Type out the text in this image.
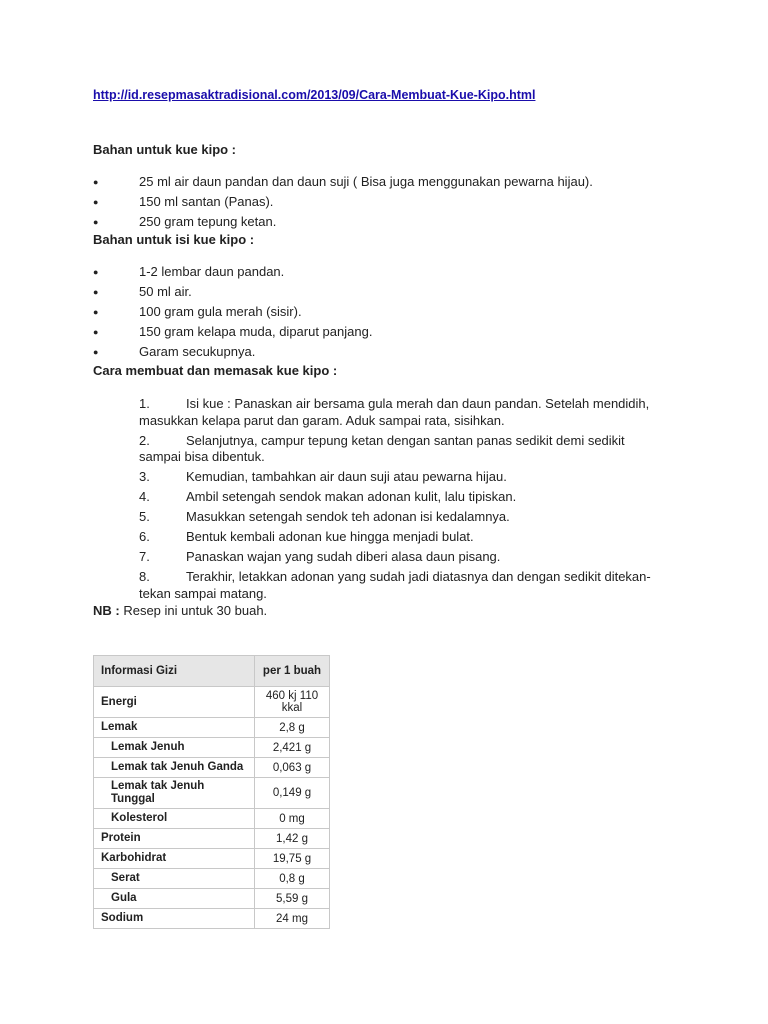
http://id.resepmasaktradisional.com/2013/09/Cara-Membuat-Kue-Kipo.html
Bahan untuk kue kipo :
●	25 ml air daun pandan dan daun suji ( Bisa juga menggunakan pewarna hijau).
●	150 ml santan (Panas).
●	250 gram tepung ketan.
Bahan untuk isi kue kipo :
●	1-2 lembar daun pandan.
●	50 ml air.
●	100 gram gula merah (sisir).
●	150 gram kelapa muda, diparut panjang.
●	Garam secukupnya.
Cara membuat dan memasak kue kipo :
1.	Isi kue : Panaskan air bersama gula merah dan daun pandan. Setelah mendidih, masukkan kelapa parut dan garam. Aduk sampai rata, sisihkan.
2.	Selanjutnya, campur tepung ketan dengan santan panas sedikit demi sedikit sampai bisa dibentuk.
3.	Kemudian, tambahkan air daun suji atau pewarna hijau.
4.	Ambil setengah sendok makan adonan kulit, lalu tipiskan.
5.	Masukkan setengah sendok teh adonan isi kedalamnya.
6.	Bentuk kembali adonan kue hingga menjadi bulat.
7.	Panaskan wajan yang sudah diberi alasa daun pisang.
8.	Terakhir, letakkan adonan yang sudah jadi diatasnya dan dengan sedikit ditekan-tekan sampai matang.
NB : Resep ini untuk 30 buah.
Informasi Gizi	per 1 buah
Energi	460 kj 110 kkal
Lemak	2,8 g
Lemak Jenuh	2,421 g
Lemak tak Jenuh Ganda	0,063 g
Lemak tak Jenuh Tunggal	0,149 g
Kolesterol	0 mg
Protein	1,42 g
Karbohidrat	19,75 g
Serat	0,8 g
Gula	5,59 g
Sodium	24 mg
